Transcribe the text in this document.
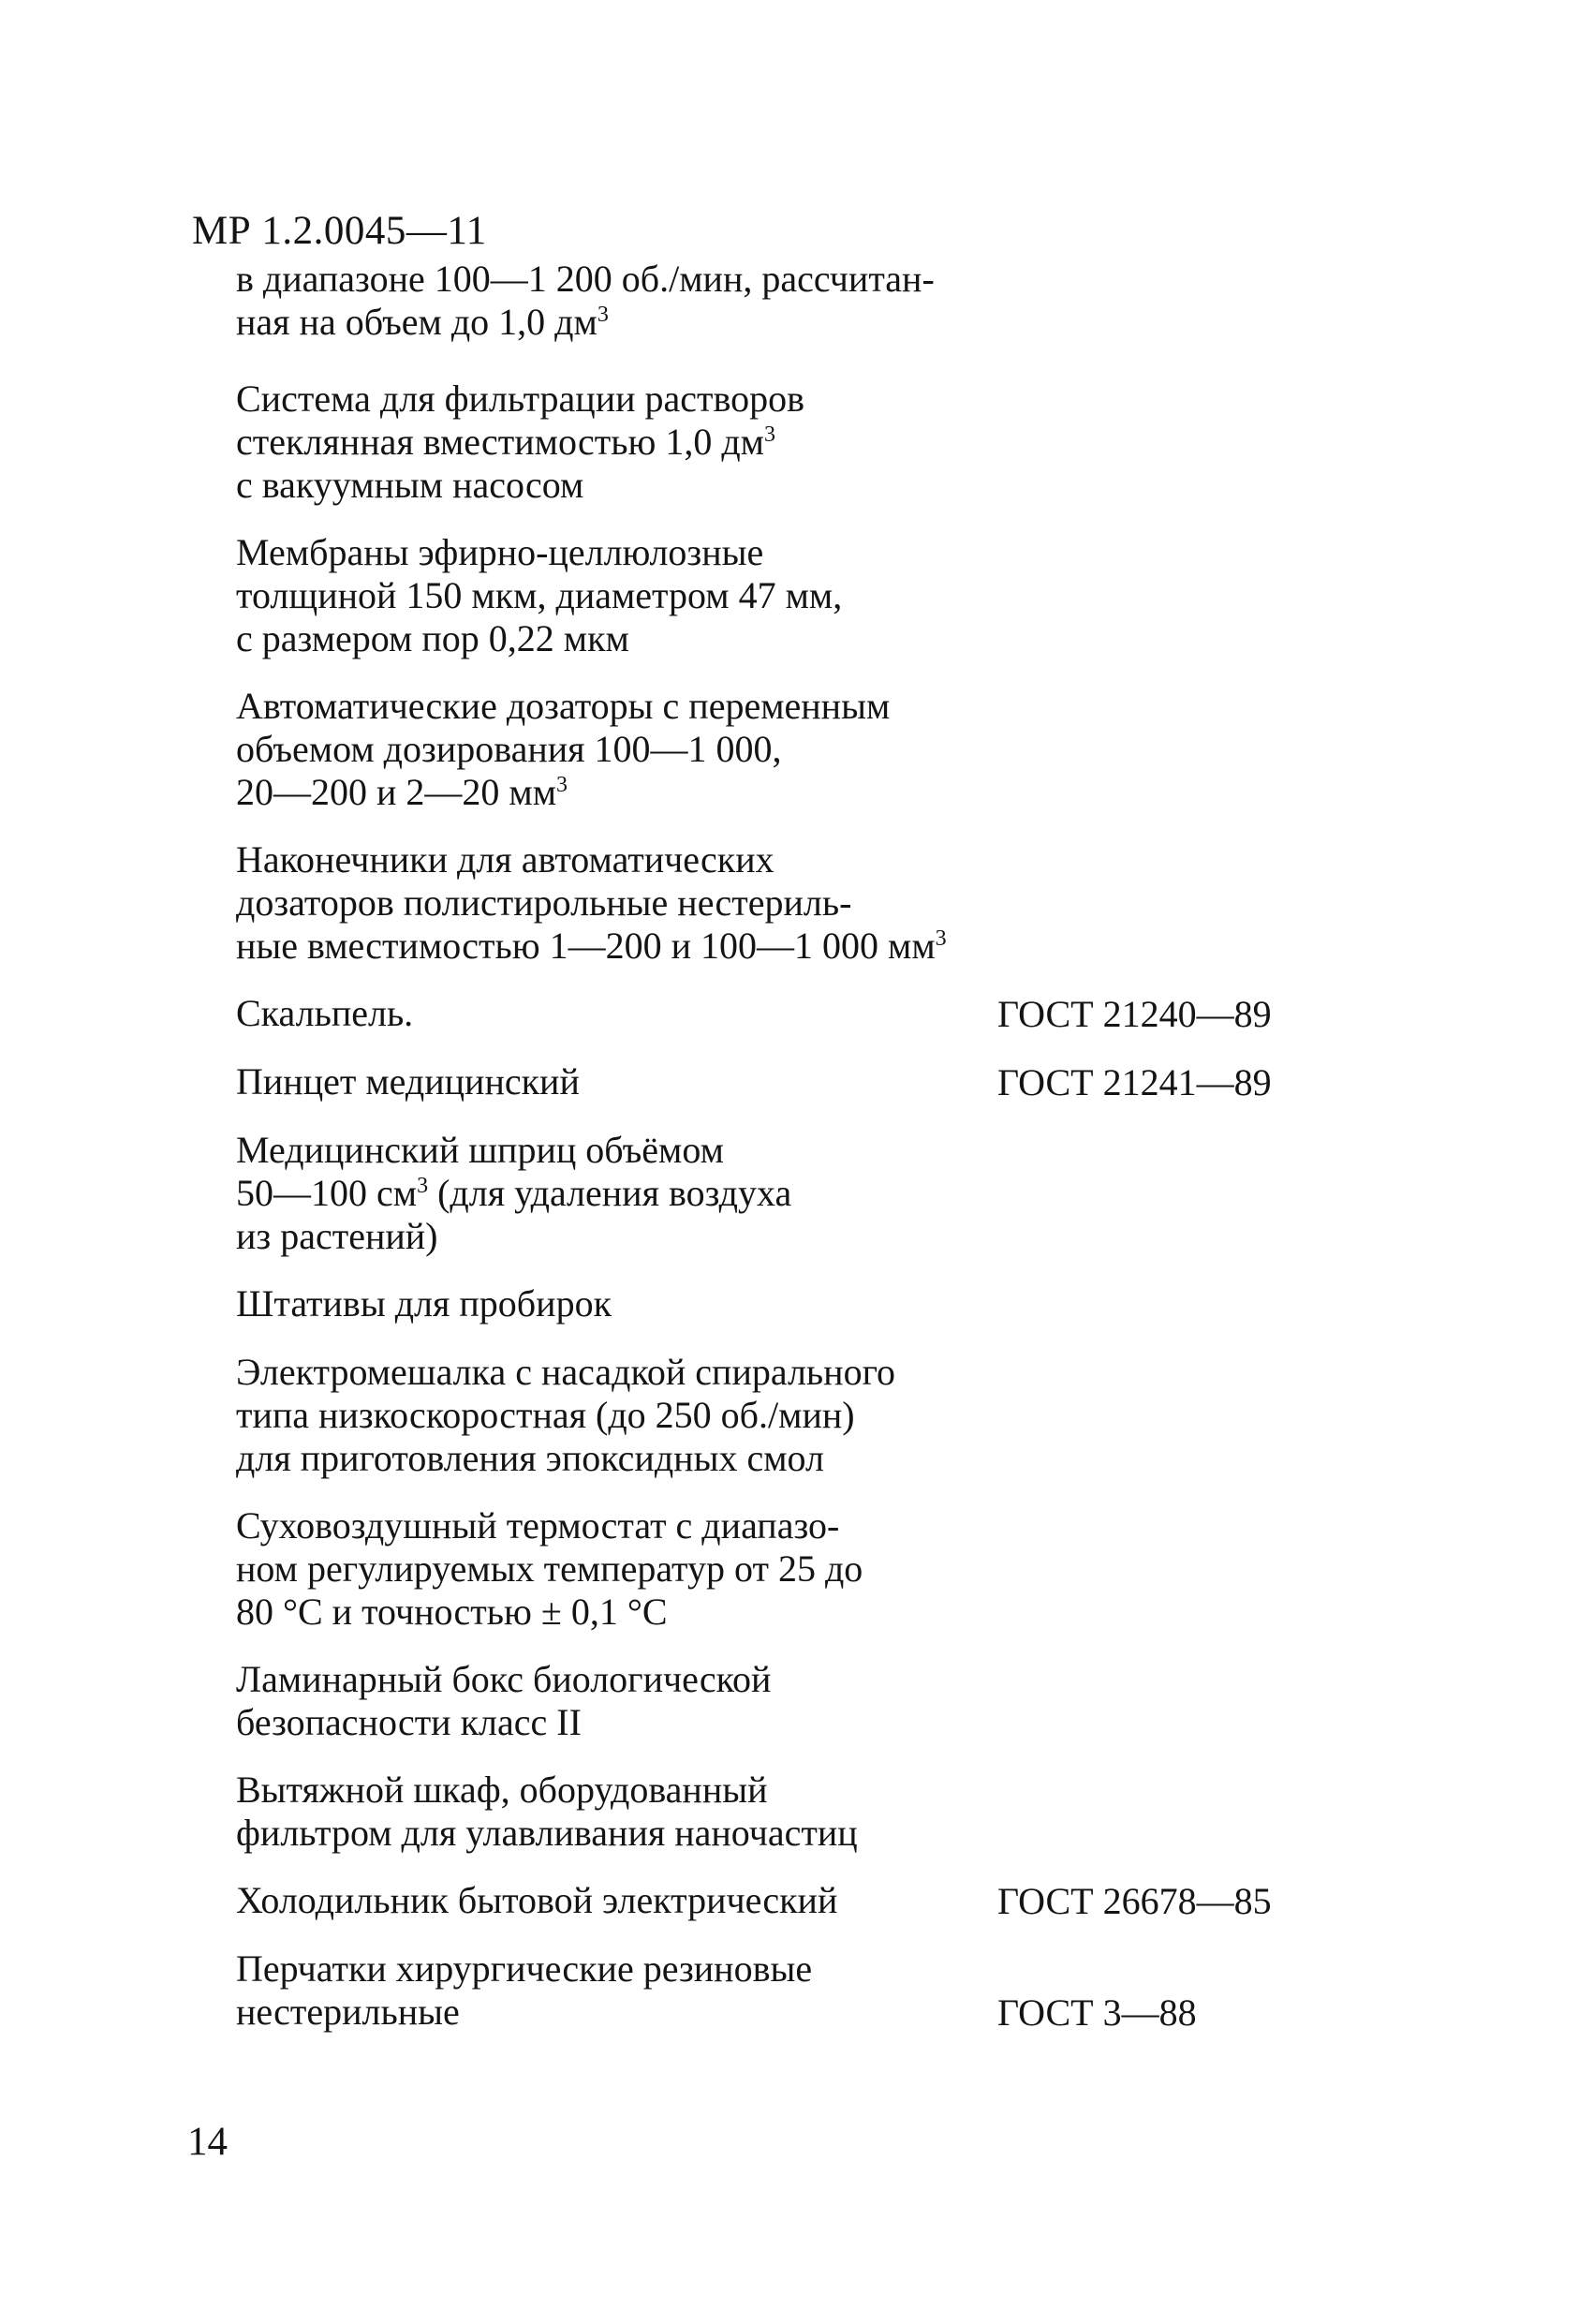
МР 1.2.0045—11
в диапазоне 100—1 200 об./мин, рассчитан-
ная на объем до 1,0 $дм^3$
Система для фильтрации растворов
стеклянная вместимостью 1,0 $дм^3$
с вакуумным насосом
Мембраны эфирно-целлюлозные
толщиной 150 мкм, диаметром 47 мм,
с размером пор 0,22 мкм
Автоматические дозаторы с переменным
объемом дозирования 100—1 000,
20—200 и 2—20 $мм^3$
Наконечники для автоматических
дозаторов полистирольные нестериль-
ные вместимостью 1—200 и 100—1 000 $мм^3$
Скальпель.	ГОСТ 21240—89
Пинцет медицинский	ГОСТ 21241—89
Медицинский шприц объёмом
50—100 $см^3$ (для удаления воздуха
из растений)
Штативы для пробирок
Электромешалка с насадкой спирального
типа низкоскоростная (до 250 об./мин)
для приготовления эпоксидных смол
Суховоздушный термостат с диапазо-
ном регулируемых температур от 25 до
80 °С и точностью ± 0,1 °С
Ламинарный бокс биологической
безопасности класс II
Вытяжной шкаф, оборудованный
фильтром для улавливания наночастиц
Холодильник бытовой электрический	ГОСТ 26678—85
Перчатки хирургические резиновые
нестерильные	ГОСТ 3—88
14
